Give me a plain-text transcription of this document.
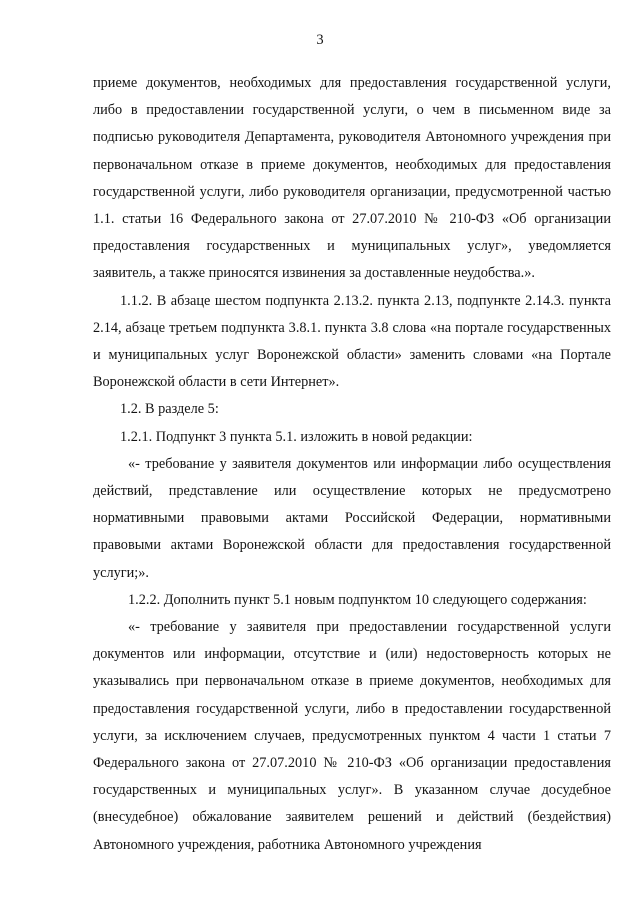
3

приеме документов, необходимых для предоставления государственной услуги, либо в предоставлении государственной услуги, о чем в письменном виде за подписью руководителя Департамента, руководителя Автономного учреждения при первоначальном отказе в приеме документов, необходимых для предоставления государственной услуги, либо руководителя организации, предусмотренной частью 1.1. статьи 16 Федерального закона от 27.07.2010 № 210-ФЗ «Об организации предоставления государственных и муниципальных услуг», уведомляется заявитель, а также приносятся извинения за доставленные неудобства.».

1.1.2. В абзаце шестом подпункта 2.13.2. пункта 2.13, подпункте 2.14.3. пункта 2.14, абзаце третьем подпункта 3.8.1. пункта 3.8 слова «на портале государственных и муниципальных услуг Воронежской области» заменить словами «на Портале Воронежской области в сети Интернет».

1.2. В разделе 5:

1.2.1. Подпункт 3 пункта 5.1. изложить в новой редакции:

«- требование у заявителя документов или информации либо осуществления действий, представление или осуществление которых не предусмотрено нормативными правовыми актами Российской Федерации, нормативными правовыми актами Воронежской области для предоставления государственной услуги;».

1.2.2. Дополнить пункт 5.1 новым подпунктом 10 следующего содержания:

«- требование у заявителя при предоставлении государственной услуги документов или информации, отсутствие и (или) недостоверность которых не указывались при первоначальном отказе в приеме документов, необходимых для предоставления государственной услуги, либо в предоставлении государственной услуги, за исключением случаев, предусмотренных пунктом 4 части 1 статьи 7 Федерального закона от 27.07.2010 № 210-ФЗ «Об организации предоставления государственных и муниципальных услуг». В указанном случае досудебное (внесудебное) обжалование заявителем решений и действий (бездействия) Автономного учреждения, работника Автономного учреждения
